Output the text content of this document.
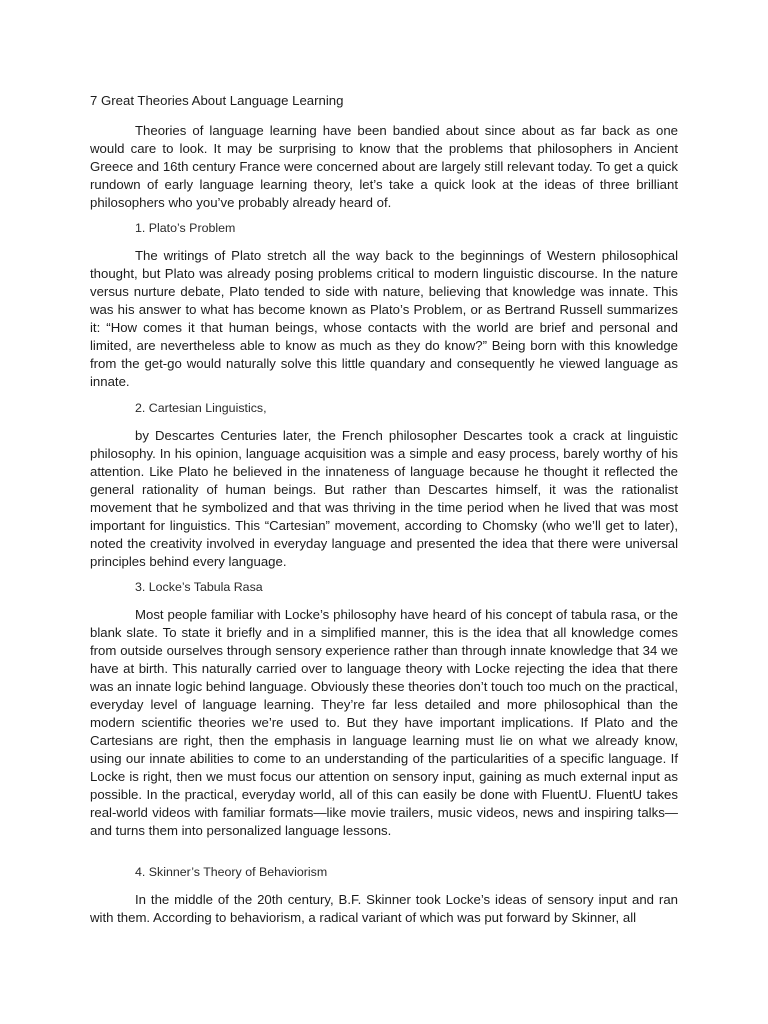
7 Great Theories About Language Learning

Theories of language learning have been bandied about since about as far back as one would care to look. It may be surprising to know that the problems that philosophers in Ancient Greece and 16th century France were concerned about are largely still relevant today. To get a quick rundown of early language learning theory, let’s take a quick look at the ideas of three brilliant philosophers who you’ve probably already heard of.

1. Plato’s Problem

The writings of Plato stretch all the way back to the beginnings of Western philosophical thought, but Plato was already posing problems critical to modern linguistic discourse. In the nature versus nurture debate, Plato tended to side with nature, believing that knowledge was innate. This was his answer to what has become known as Plato’s Problem, or as Bertrand Russell summarizes it: “How comes it that human beings, whose contacts with the world are brief and personal and limited, are nevertheless able to know as much as they do know?” Being born with this knowledge from the get-go would naturally solve this little quandary and consequently he viewed language as innate.

2. Cartesian Linguistics,

by Descartes Centuries later, the French philosopher Descartes took a crack at linguistic philosophy. In his opinion, language acquisition was a simple and easy process, barely worthy of his attention. Like Plato he believed in the innateness of language because he thought it reflected the general rationality of human beings. But rather than Descartes himself, it was the rationalist movement that he symbolized and that was thriving in the time period when he lived that was most important for linguistics. This “Cartesian” movement, according to Chomsky (who we’ll get to later), noted the creativity involved in everyday language and presented the idea that there were universal principles behind every language.

3. Locke’s Tabula Rasa

Most people familiar with Locke’s philosophy have heard of his concept of tabula rasa, or the blank slate. To state it briefly and in a simplified manner, this is the idea that all knowledge comes from outside ourselves through sensory experience rather than through innate knowledge that 34 we have at birth. This naturally carried over to language theory with Locke rejecting the idea that there was an innate logic behind language. Obviously these theories don’t touch too much on the practical, everyday level of language learning. They’re far less detailed and more philosophical than the modern scientific theories we’re used to. But they have important implications. If Plato and the Cartesians are right, then the emphasis in language learning must lie on what we already know, using our innate abilities to come to an understanding of the particularities of a specific language. If Locke is right, then we must focus our attention on sensory input, gaining as much external input as possible. In the practical, everyday world, all of this can easily be done with FluentU. FluentU takes real-world videos with familiar formats—like movie trailers, music videos, news and inspiring talks—and turns them into personalized language lessons.

4. Skinner’s Theory of Behaviorism

In the middle of the 20th century, B.F. Skinner took Locke’s ideas of sensory input and ran with them. According to behaviorism, a radical variant of which was put forward by Skinner, all
